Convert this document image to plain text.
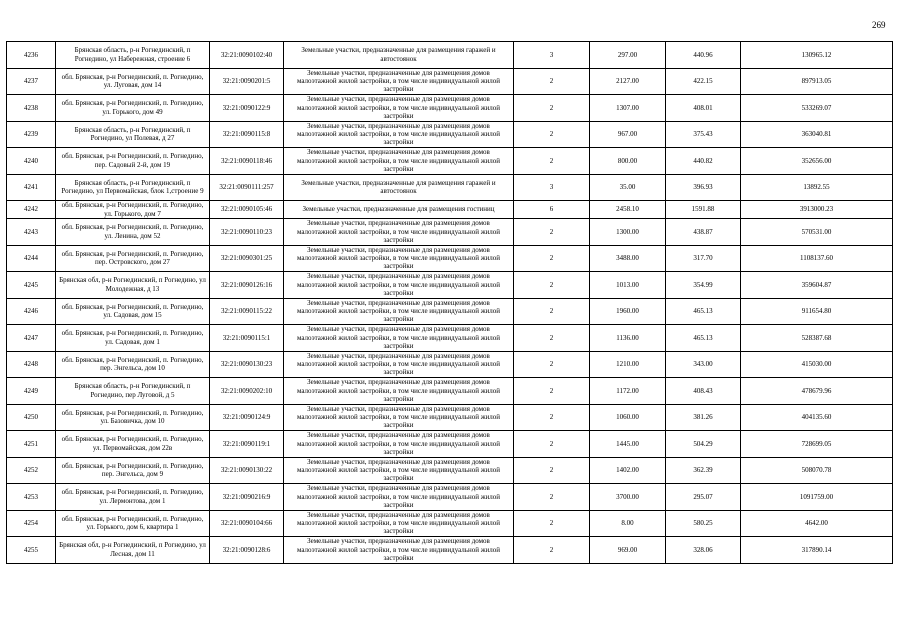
269
4236	Брянская область, р-н Рогнединский, п Рогнедино, ул Набережная, строение 6	32:21:0090102:40	Земельные участки, предназначенные для размещения гаражей и автостоянок	3	297.00	440.96	130965.12
4237	обл. Брянская, р-н Рогнединский, п. Рогнедино, ул. Луговая, дом 14	32:21:0090201:5	Земельные участки, предназначенные для размещения домов малоэтажной жилой застройки, в том числе индивидуальной жилой застройки	2	2127.00	422.15	897913.05
4238	обл. Брянская, р-н Рогнединский, п. Рогнедино, ул. Горького, дом 49	32:21:0090122:9	Земельные участки, предназначенные для размещения домов малоэтажной жилой застройки, в том числе индивидуальной жилой застройки	2	1307.00	408.01	533269.07
4239	Брянская область, р-н Рогнединский, п Рогнедино, ул Полевая, д 27	32:21:0090115:8	Земельные участки, предназначенные для размещения домов малоэтажной жилой застройки, в том числе индивидуальной жилой застройки	2	967.00	375.43	363040.81
4240	обл. Брянская, р-н Рогнединский, п. Рогнедино, пер. Садовый 2-й, дом 19	32:21:0090118:46	Земельные участки, предназначенные для размещения домов малоэтажной жилой застройки, в том числе индивидуальной жилой застройки	2	800.00	440.82	352656.00
4241	Брянская область, р-н Рогнединский, п Рогнедино, ул Первомайская, блок 1,строение 9	32:21:0090111:257	Земельные участки, предназначенные для размещения гаражей и автостоянок	3	35.00	396.93	13892.55
4242	обл. Брянская, р-н Рогнединский, п. Рогнедино, ул. Горького, дом 7	32:21:0090105:46	Земельные участки, предназначенные для размещения гостиниц	6	2458.10	1591.88	3913000.23
4243	обл. Брянская, р-н Рогнединский, п. Рогнедино, ул. Ленина, дом 52	32:21:0090110:23	Земельные участки, предназначенные для размещения домов малоэтажной жилой застройки, в том числе индивидуальной жилой застройки	2	1300.00	438.87	570531.00
4244	обл. Брянская, р-н Рогнединский, п. Рогнедино, пер. Островского, дом 27	32:21:0090301:25	Земельные участки, предназначенные для размещения домов малоэтажной жилой застройки, в том числе индивидуальной жилой застройки	2	3488.00	317.70	1108137.60
4245	Брянская обл, р-н Рогнединский, п Рогнедино, ул Молодежная, д 13	32:21:0090126:16	Земельные участки, предназначенные для размещения домов малоэтажной жилой застройки, в том числе индивидуальной жилой застройки	2	1013.00	354.99	359604.87
4246	обл. Брянская, р-н Рогнединский, п. Рогнедино, ул. Садовая, дом 15	32:21:0090115:22	Земельные участки, предназначенные для размещения домов малоэтажной жилой застройки, в том числе индивидуальной жилой застройки	2	1960.00	465.13	911654.80
4247	обл. Брянская, р-н Рогнединский, п. Рогнедино, ул. Садовая, дом 1	32:21:0090115:1	Земельные участки, предназначенные для размещения домов малоэтажной жилой застройки, в том числе индивидуальной жилой застройки	2	1136.00	465.13	528387.68
4248	обл. Брянская, р-н Рогнединский, п. Рогнедино, пер. Энгельса, дом 10	32:21:0090130:23	Земельные участки, предназначенные для размещения домов малоэтажной жилой застройки, в том числе индивидуальной жилой застройки	2	1210.00	343.00	415030.00
4249	Брянская область, р-н Рогнединский, п Рогнедино, пер Луговой, д 5	32:21:0090202:10	Земельные участки, предназначенные для размещения домов малоэтажной жилой застройки, в том числе индивидуальной жилой застройки	2	1172.00	408.43	478679.96
4250	обл. Брянская, р-н Рогнединский, п. Рогнедино, ул. Базовичка, дом 10	32:21:0090124:9	Земельные участки, предназначенные для размещения домов малоэтажной жилой застройки, в том числе индивидуальной жилой застройки	2	1060.00	381.26	404135.60
4251	обл. Брянская, р-н Рогнединский, п. Рогнедино, ул. Первомайская, дом 22в	32:21:0090119:1	Земельные участки, предназначенные для размещения домов малоэтажной жилой застройки, в том числе индивидуальной жилой застройки	2	1445.00	504.29	728699.05
4252	обл. Брянская, р-н Рогнединский, п. Рогнедино, пер. Энгельса, дом 9	32:21:0090130:22	Земельные участки, предназначенные для размещения домов малоэтажной жилой застройки, в том числе индивидуальной жилой застройки	2	1402.00	362.39	508070.78
4253	обл. Брянская, р-н Рогнединский, п. Рогнедино, ул. Лермонтова, дом 1	32:21:0090216:9	Земельные участки, предназначенные для размещения домов малоэтажной жилой застройки, в том числе индивидуальной жилой застройки	2	3700.00	295.07	1091759.00
4254	обл. Брянская, р-н Рогнединский, п. Рогнедино, ул. Горького, дом 6, квартира 1	32:21:0090104:66	Земельные участки, предназначенные для размещения домов малоэтажной жилой застройки, в том числе индивидуальной жилой застройки	2	8.00	580.25	4642.00
4255	Брянская обл, р-н Рогнединский, п Рогнедино, ул Лесная, дом 11	32:21:0090128:6	Земельные участки, предназначенные для размещения домов малоэтажной жилой застройки, в том числе индивидуальной жилой застройки	2	969.00	328.06	317890.14
